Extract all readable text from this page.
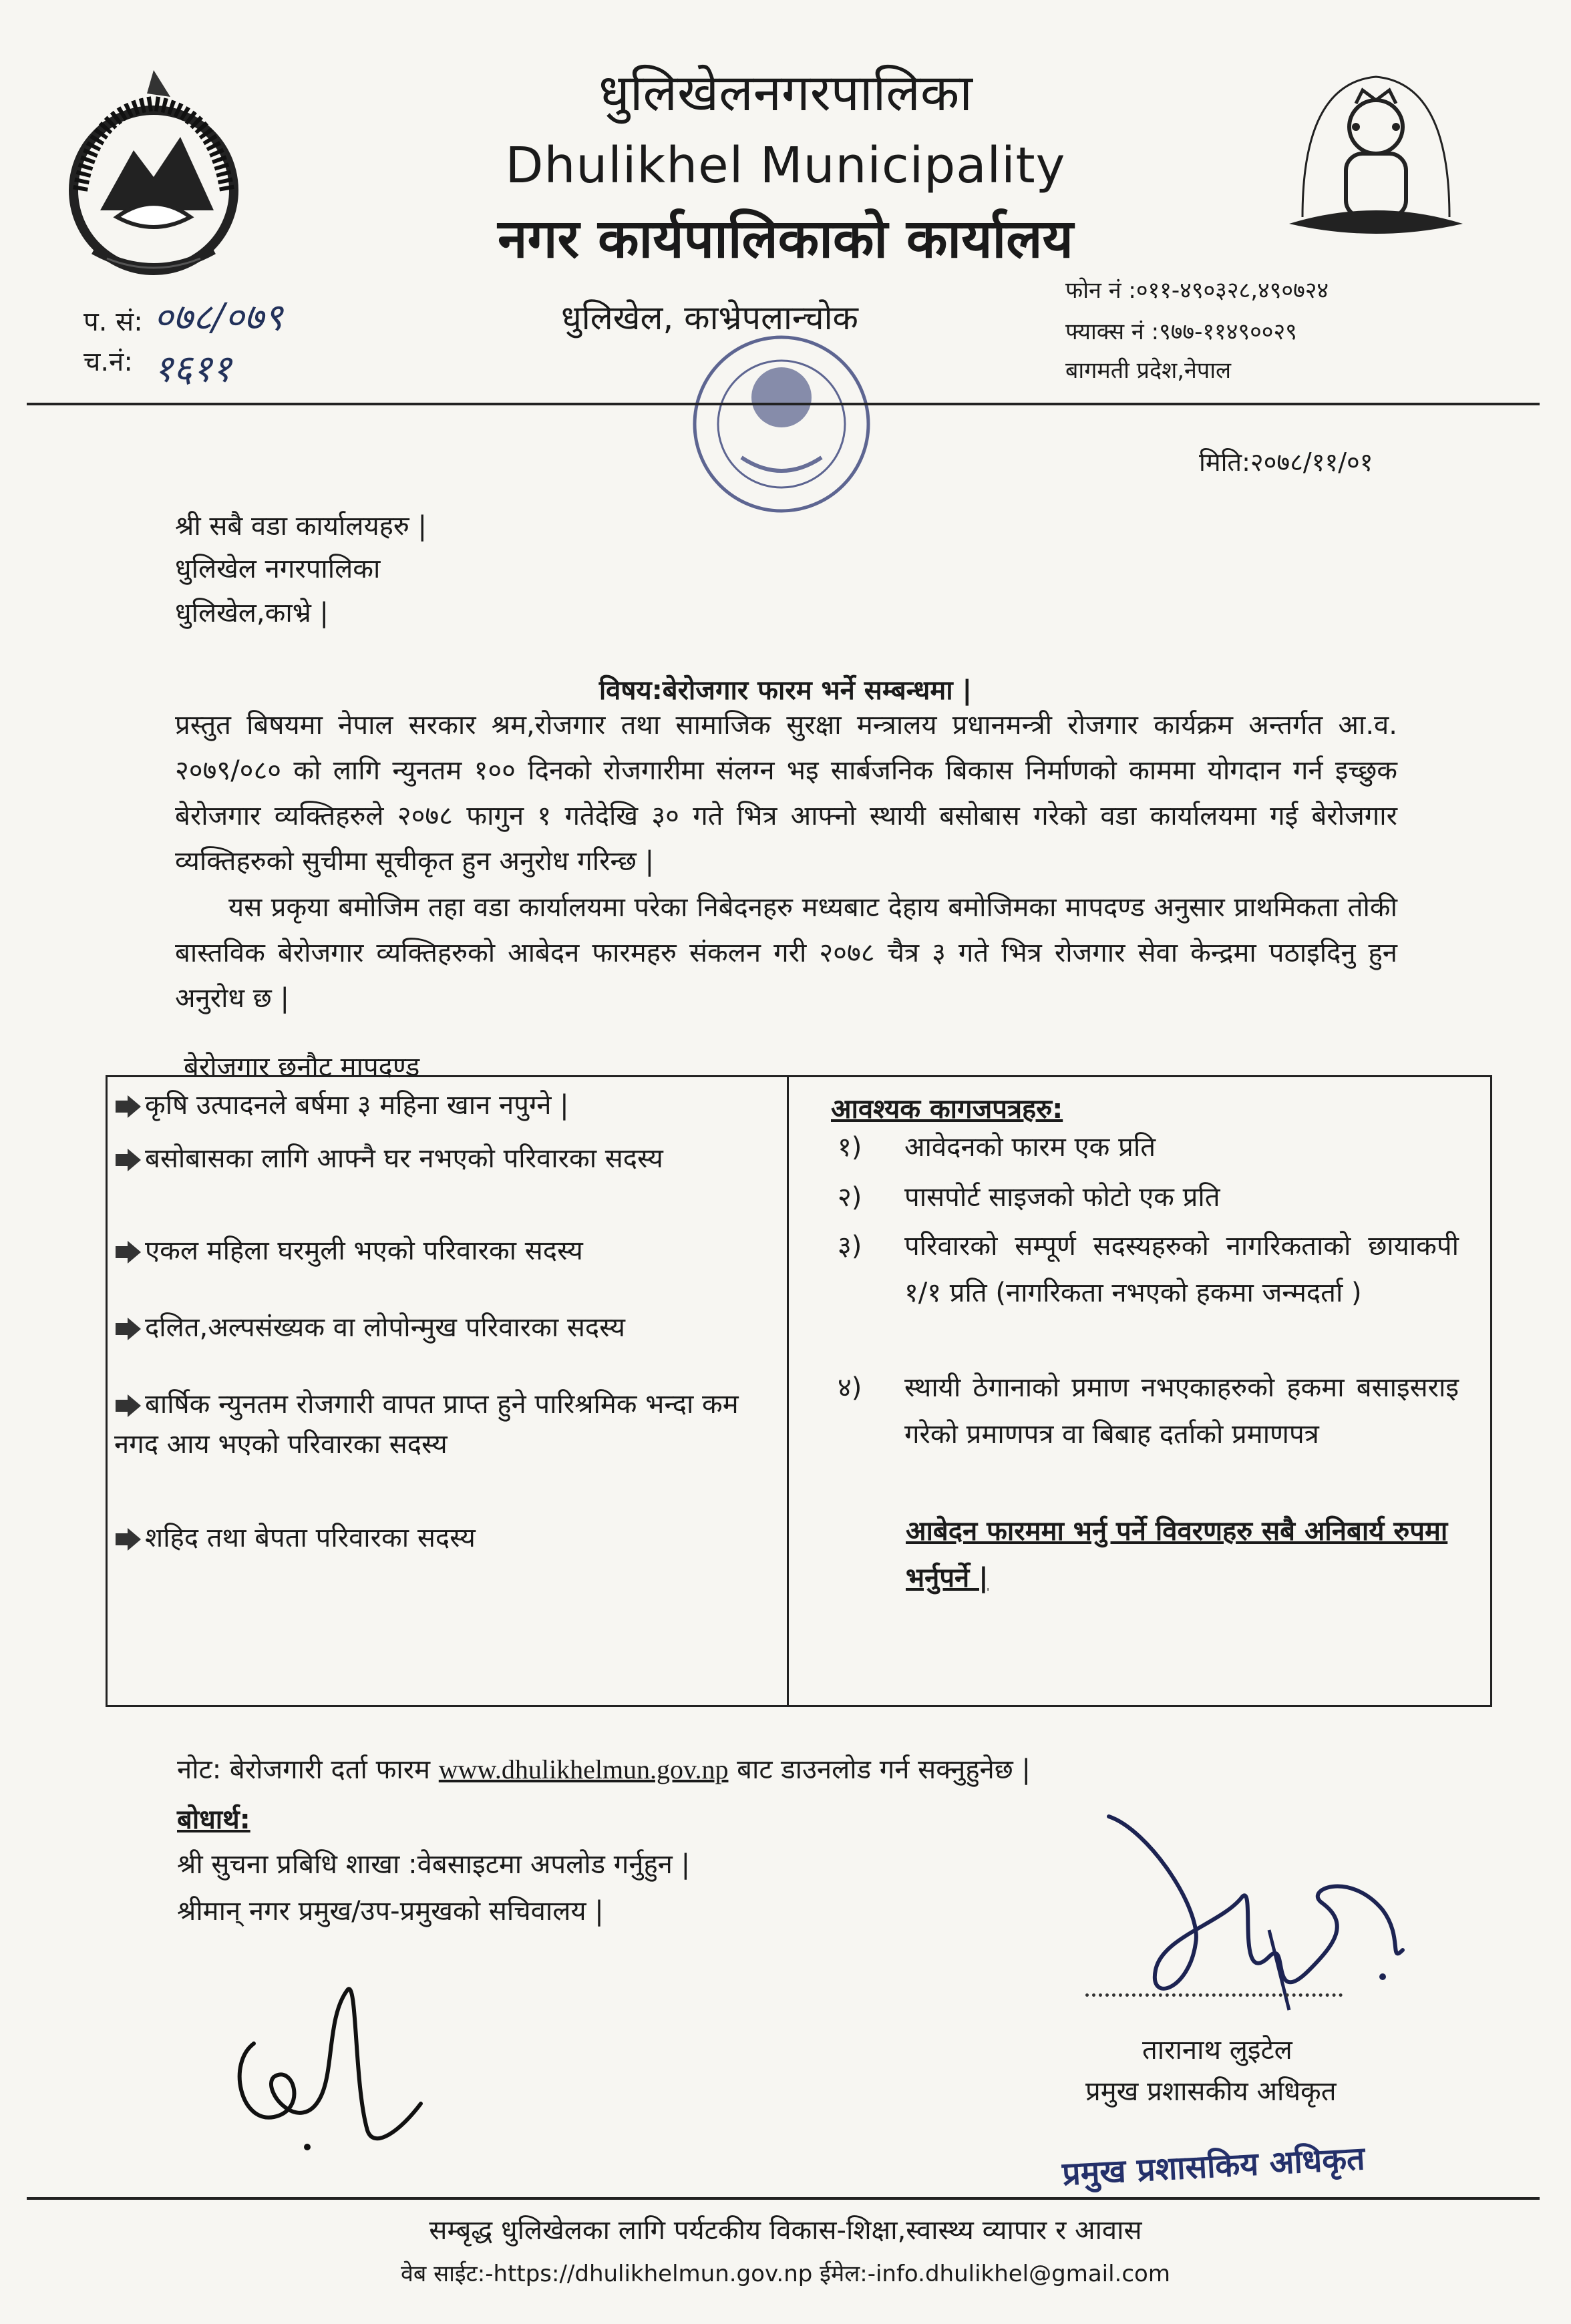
धुलिखेलनगरपालिका
Dhulikhel Municipality
नगर कार्यपालिकाको कार्यालय
धुलिखेल, काभ्रेपलान्चोक
प. सं: ०७८/०७९
च.नं: १६११
फोन नं :०११-४९०३२८,४९०७२४
फ्याक्स नं :९७७-११४९००२९
बागमती प्रदेश,नेपाल
मिति:२०७८/११/०१
श्री सबै वडा कार्यालयहरु |
धुलिखेल नगरपालिका
धुलिखेल,काभ्रे |
विषय:बेरोजगार फारम भर्ने सम्बन्धमा |
प्रस्तुत बिषयमा नेपाल सरकार श्रम,रोजगार तथा सामाजिक सुरक्षा मन्त्रालय प्रधानमन्त्री रोजगार कार्यक्रम अन्तर्गत आ.व. २०७९/०८० को लागि न्युनतम १०० दिनको रोजगारीमा संलग्न भइ सार्बजनिक बिकास निर्माणको काममा योगदान गर्न इच्छुक बेरोजगार व्यक्तिहरुले २०७८ फागुन १ गतेदेखि ३० गते भित्र आफ्नो स्थायी बसोबास गरेको वडा कार्यालयमा गई बेरोजगार व्यक्तिहरुको सुचीमा सूचीकृत हुन अनुरोध गरिन्छ |
यस प्रकृया बमोजिम तहा वडा कार्यालयमा परेका निबेदनहरु मध्यबाट देहाय बमोजिमका मापदण्ड अनुसार प्राथमिकता तोकी बास्तविक बेरोजगार व्यक्तिहरुको आबेदन फारमहरु संकलन गरी २०७८ चैत्र ३ गते भित्र रोजगार सेवा केन्द्रमा पठाइदिनु हुन अनुरोध छ |
बेरोजगार छनौट मापदण्ड
कृषि उत्पादनले बर्षमा ३ महिना खान नपुग्ने |
बसोबासका लागि आफ्नै घर नभएको परिवारका सदस्य
एकल महिला घरमुली भएको परिवारका सदस्य
दलित,अल्पसंख्यक वा लोपोन्मुख परिवारका सदस्य
बार्षिक न्युनतम रोजगारी वापत प्राप्त हुने पारिश्रमिक भन्दा कम नगद आय भएको परिवारका सदस्य
शहिद तथा बेपता परिवारका सदस्य
आवश्यक कागजपत्रहरु:
१) आवेदनको फारम एक प्रति
२) पासपोर्ट साइजको फोटो एक प्रति
३) परिवारको सम्पूर्ण सदस्यहरुको नागरिकताको छायाकपी १/१ प्रति (नागरिकता नभएको हकमा जन्मदर्ता )
४) स्थायी ठेगानाको प्रमाण नभएकाहरुको हकमा बसाइसराइ गरेको प्रमाणपत्र वा बिबाह दर्ताको प्रमाणपत्र
आबेदन फारममा भर्नु पर्ने विवरणहरु सबै अनिबार्य रुपमा भर्नुपर्ने |
नोट: बेरोजगारी दर्ता फारम www.dhulikhelmun.gov.np बाट डाउनलोड गर्न सक्नुहुनेछ |
बोधार्थ:
श्री सुचना प्रबिधि शाखा :वेबसाइटमा अपलोड गर्नुहुन |
श्रीमान् नगर प्रमुख/उप-प्रमुखको सचिवालय |
तारानाथ लुइटेल
प्रमुख प्रशासकीय अधिकृत
प्रमुख प्रशासकिय अधिकृत
सम्बृद्ध धुलिखेलका लागि पर्यटकीय विकास-शिक्षा,स्वास्थ्य व्यापार र आवास
वेब साईट:-https://dhulikhelmun.gov.np ईमेल:-info.dhulikhel@gmail.com
